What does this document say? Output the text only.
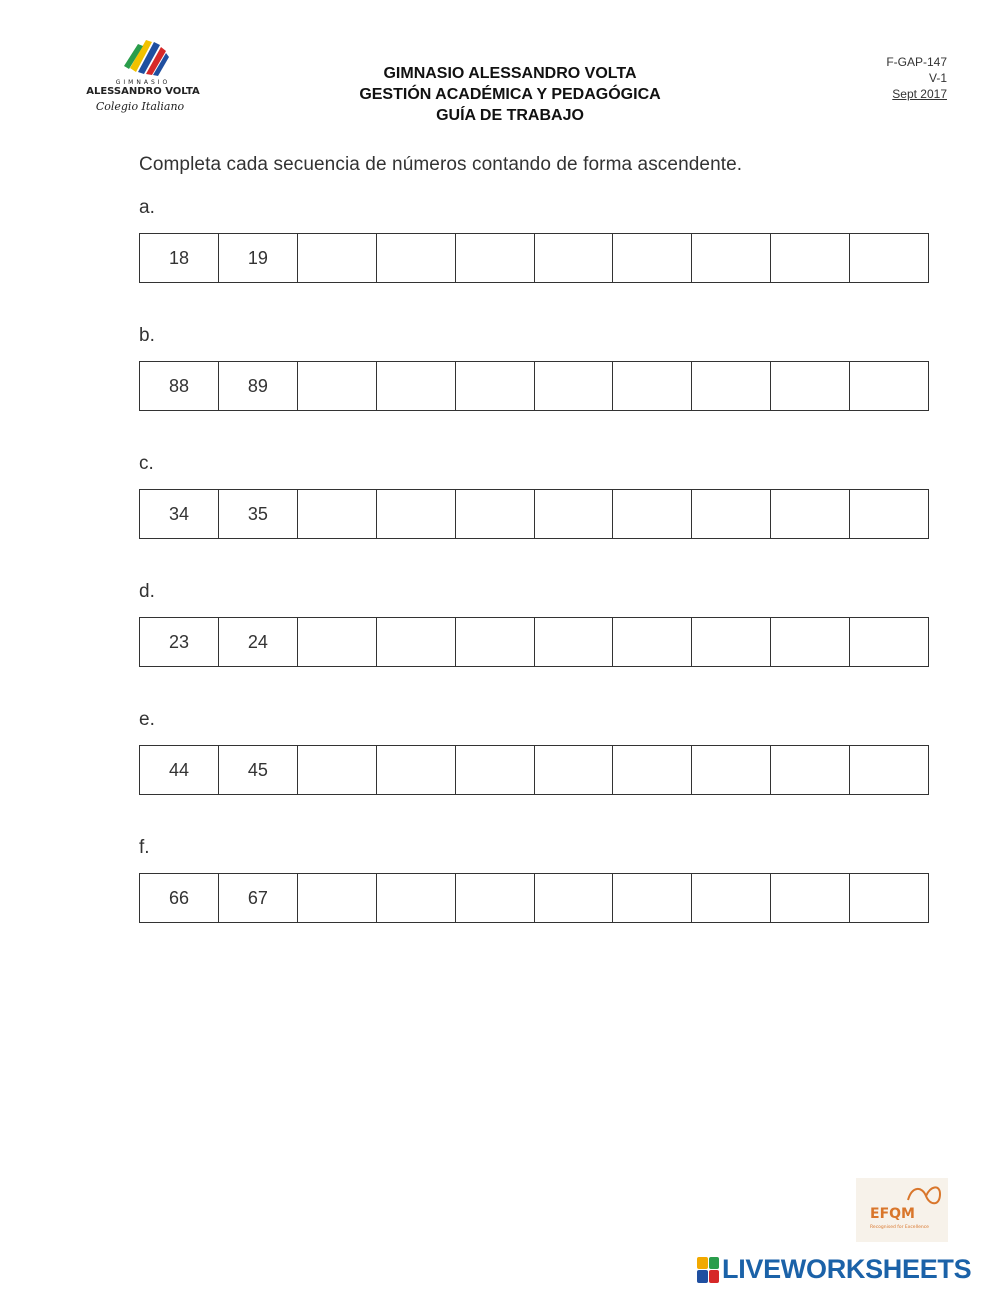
GIMNASIO
ALESSANDRO VOLTA
Colegio Italiano
GIMNASIO ALESSANDRO VOLTA
GESTIÓN ACADÉMICA Y PEDAGÓGICA
GUÍA DE TRABAJO
F-GAP-147
V-1
Sept 2017
Completa cada secuencia de números contando de forma ascendente.
a.
18	19
b.
88	89
c.
34	35
d.
23	24
e.
44	45
f.
66	67
EFQM
Recognised for Excellence
LIVEWORKSHEETS
